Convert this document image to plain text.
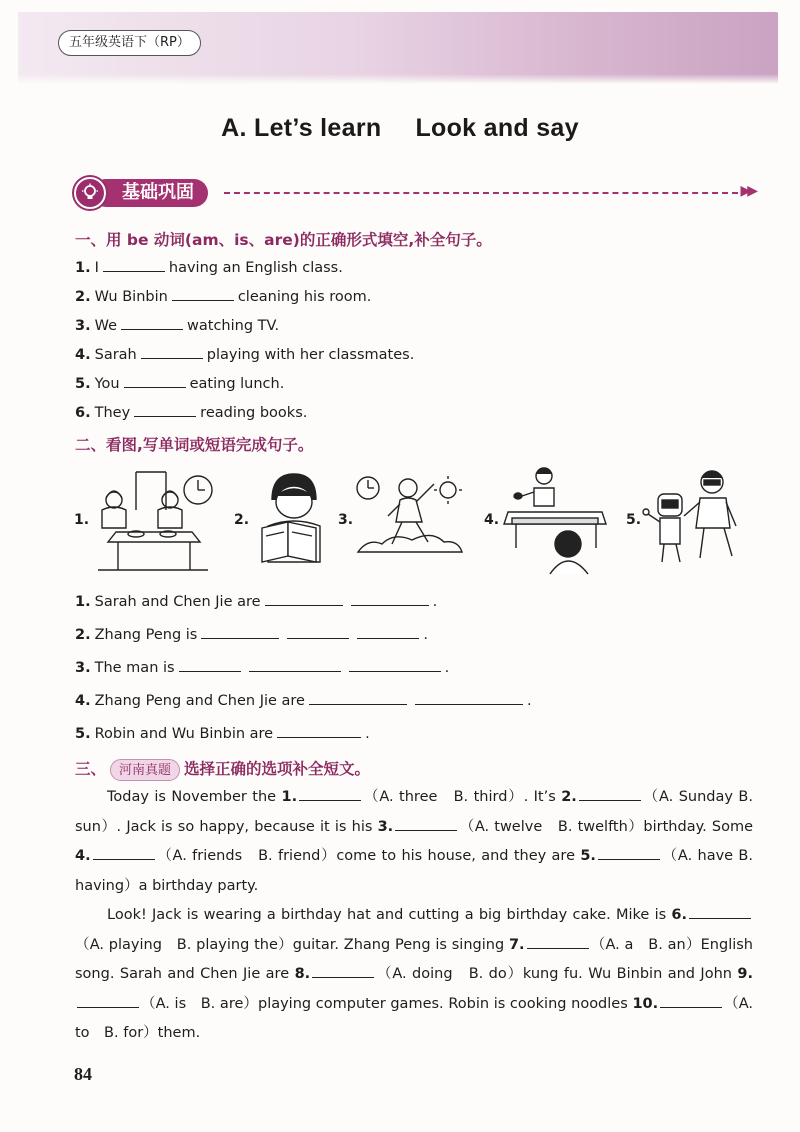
五年级英语下（RP）
A. Let’s learn Look and say
基础巩固	▶▶
一、用 be 动词(am、is、are)的正确形式填空,补全句子。
1. I	having an English class.
2. Wu Binbin	cleaning his room.
3. We	watching TV.
4. Sarah	playing with her classmates.
5. You	eating lunch.
6. They	reading books.
二、看图,写单词或短语完成句子。
1.	2.	3.	4.	5.
1. Sarah and Chen Jie are	.
2. Zhang Peng is	.
3. The man is	.
4. Zhang Peng and Chen Jie are	.
5. Robin and Wu Binbin are	.
三、 河南真题 选择正确的选项补全短文。
Today is November the 1.	（A. three　B. third）. It’s 2.	（A. Sunday B. sun）. Jack is so happy, because it is his 3.	（A. twelve　B. twelfth）birthday. Some 4.	（A. friends　B. friend）come to his house, and they are 5.	（A. have B. having）a birthday party.
Look! Jack is wearing a birthday hat and cutting a big birthday cake. Mike is 6.（A. playing　B. playing the）guitar. Zhang Peng is singing 7.	（A. a　B. an）English song. Sarah and Chen Jie are 8.	（A. doing　B. do）kung fu. Wu Binbin and John 9.（A. is　B. are）playing computer games. Robin is cooking noodles 10.	（A. to　B. for）them.
84
